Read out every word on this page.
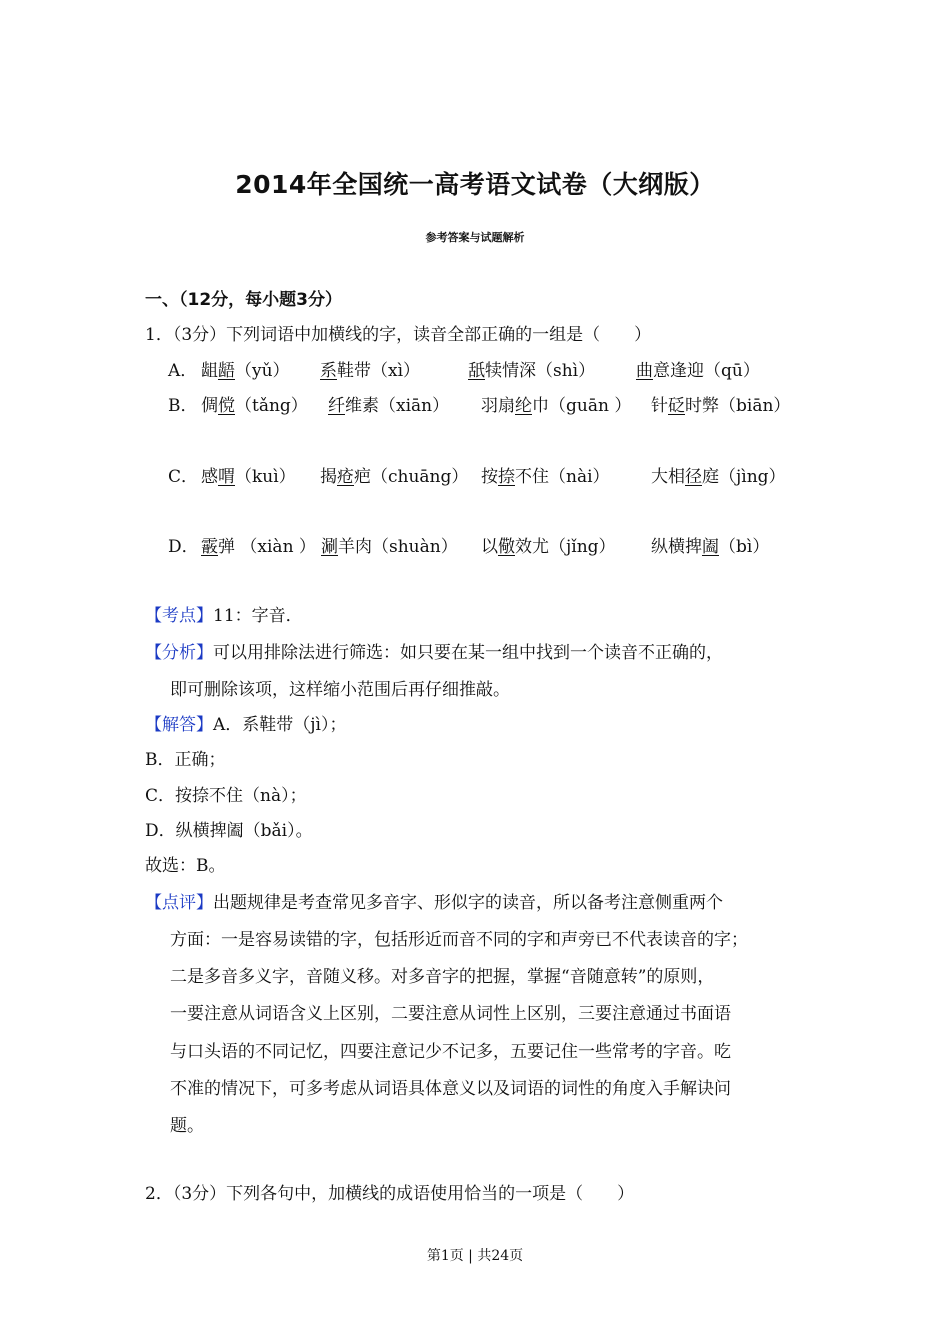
2014年全国统一高考语文试卷（大纲版）
参考答案与试题解析
一、（12分，每小题3分）
1．（3分）下列词语中加横线的字，读音全部正确的一组是（　　）
A． 龃龉（yǔ） 系鞋带（xì）	舐犊情深（shì） 曲意逢迎（qū）
B． 倜傥（tǎng） 纤维素（xiān） 羽扇纶巾（guān ） 针砭时弊（biān）
C． 感喟（kuì） 揭疮疤（chuāng） 按捺不住（nài） 大相径庭（jìng）
D． 霰弹 （xiàn ） 涮羊肉（shuàn） 以儆效尤（jǐng） 纵横捭阖（bì）
【考点】11：字音．
【分析】可以用排除法进行筛选：如只要在某一组中找到一个读音不正确的，
即可删除该项，这样缩小范围后再仔细推敲。
【解答】A．系鞋带（jì）；
B．正确；
C．按捺不住（nà）；
D．纵横捭阖（bǎi）。
故选：B。
【点评】出题规律是考查常见多音字、形似字的读音，所以备考注意侧重两个
方面：一是容易读错的字，包括形近而音不同的字和声旁已不代表读音的字；
二是多音多义字，音随义移。对多音字的把握，掌握“音随意转”的原则，
一要注意从词语含义上区别，二要注意从词性上区别，三要注意通过书面语
与口头语的不同记忆，四要注意记少不记多，五要记住一些常考的字音。吃
不准的情况下，可多考虑从词语具体意义以及词语的词性的角度入手解诀问
题。
2．（3分）下列各句中，加横线的成语使用恰当的一项是（　　）
第1页 | 共24页
